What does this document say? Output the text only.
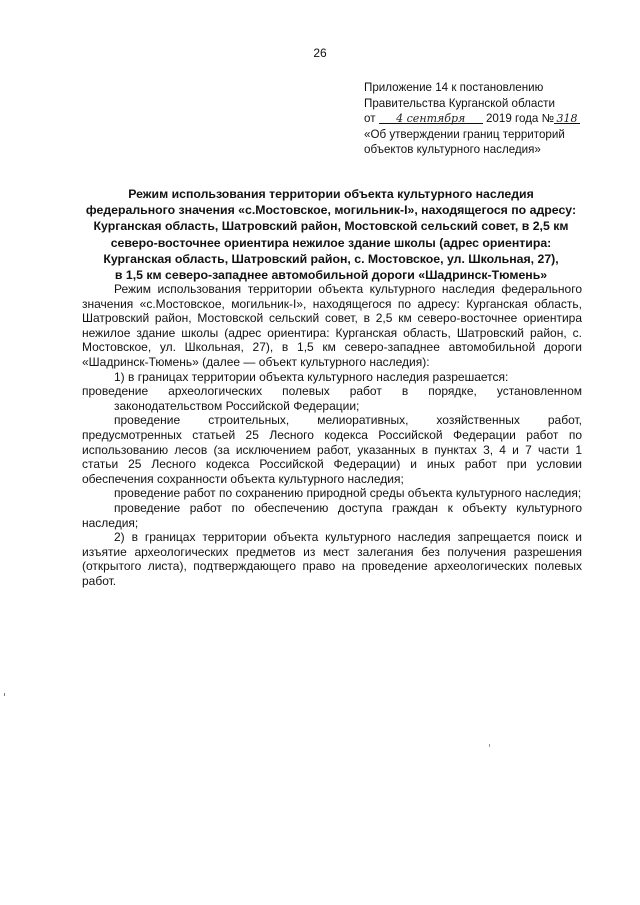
26
Приложение 14 к постановлению
Правительства Курганской области
от 4 сентября 2019 года № 318
«Об утверждении границ территорий
объектов культурного наследия»
Режим использования территории объекта культурного наследия
федерального значения «с.Мостовское, могильник-I», находящегося по адресу:
Курганская область, Шатровский район, Мостовской сельский совет, в 2,5 км
северо-восточнее ориентира нежилое здание школы (адрес ориентира:
Курганская область, Шатровский район, с. Мостовское, ул. Школьная, 27),
в 1,5 км северо-западнее автомобильной дороги «Шадринск-Тюмень»

Режим использования территории объекта культурного наследия федерального значения «с.Мостовское, могильник-I», находящегося по адресу: Курганская область, Шатровский район, Мостовской сельский совет, в 2,5 км северо-восточнее ориентира нежилое здание школы (адрес ориентира: Курганская область, Шатровский район, с. Мостовское, ул. Школьная, 27), в 1,5 км северо-западнее автомобильной дороги «Шадринск-Тюмень» (далее — объект культурного наследия):

1) в границах территории объекта культурного наследия разрешается:

проведение археологических полевых работ в порядке, установленном

законодательством Российской Федерации;

проведение строительных, мелиоративных, хозяйственных работ, предусмотренных статьей 25 Лесного кодекса Российской Федерации работ по использованию лесов (за исключением работ, указанных в пунктах 3, 4 и 7 части 1 статьи 25 Лесного кодекса Российской Федерации) и иных работ при условии обеспечения сохранности объекта культурного наследия;

проведение работ по сохранению природной среды объекта культурного наследия;

проведение работ по обеспечению доступа граждан к объекту культурного наследия;

2) в границах территории объекта культурного наследия запрещается поиск и изъятие археологических предметов из мест залегания без получения разрешения (открытого листа), подтверждающего право на проведение археологических полевых работ.
